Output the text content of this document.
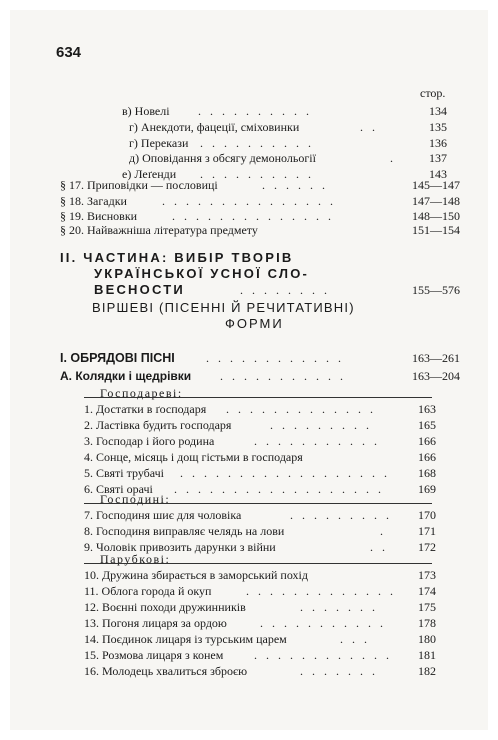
634
стор.
в) Новелі . . . . . . . . . .	134
г) Анекдоти, фацеції, сміховинки	. .	135
г) Перекази . . . . . . . . . .	136
д) Оповідання з обсягу демонольогії	.	137
е) Леґенди . . . . . . . . . .	143
§ 17. Приповідки — пословиці	. . . . . .	145—147
§ 18. Загадки	. . . . . . . . . . . . . . .	147—148
§ 19. Висновки	. . . . . . . . . . . . . .	148—150
§ 20. Найважніша література предмету	151—154
II. ЧАСТИНА: ВИБІР ТВОРІВ
УКРАЇНСЬКОЇ УСНОЇ СЛО-
ВЕСНОСТИ	. . . . . . . .	155—576
ВІРШЕВІ (ПІСЕННІ Й РЕЧИТАТИВНІ)
ФОРМИ
I. ОБРЯДОВІ ПІСНІ	. . . . . . . . . . . .	163—261
А. Колядки і щедрівки . . . . . . . . . . .	163—204
Господареві:
1. Достатки в ґосподаря . . . . . . . . . . . . .	163
2. Ластівка будить господаря	. . . . . . . . .	165
3. Господар і його родина	. . . . . . . . . . .	166
4. Сонце, місяць і дощ гістьми в господаря	166
5. Святі трубачі . . . . . . . . . . . . . . . . . . 168
6. Святі орачі . . . . . . . . . . . . . . . . . .	169
Господині:
7. Господиня шиє для чоловіка	. . . . . . . . . 170
8. Господиня виправляє челядь на лови	.	171
9. Чоловік привозить дарунки з війни	. .	172
Парубкові:
10. Дружина збирається в заморський похід	173
11. Облога города й окуп	. . . . . . . . . . . . . 174
12. Воєнні походи дружинників	. . . . . . .	175
13. Погоня лицаря за ордою	. . . . . . . . . . .	178
14. Поєдинок лицаря із турським царем	. . .	180
15. Розмова лицаря з конем	. . . . . . . . . . . . 181
16. Молодець хвалиться зброєю	. . . . . . .	182
